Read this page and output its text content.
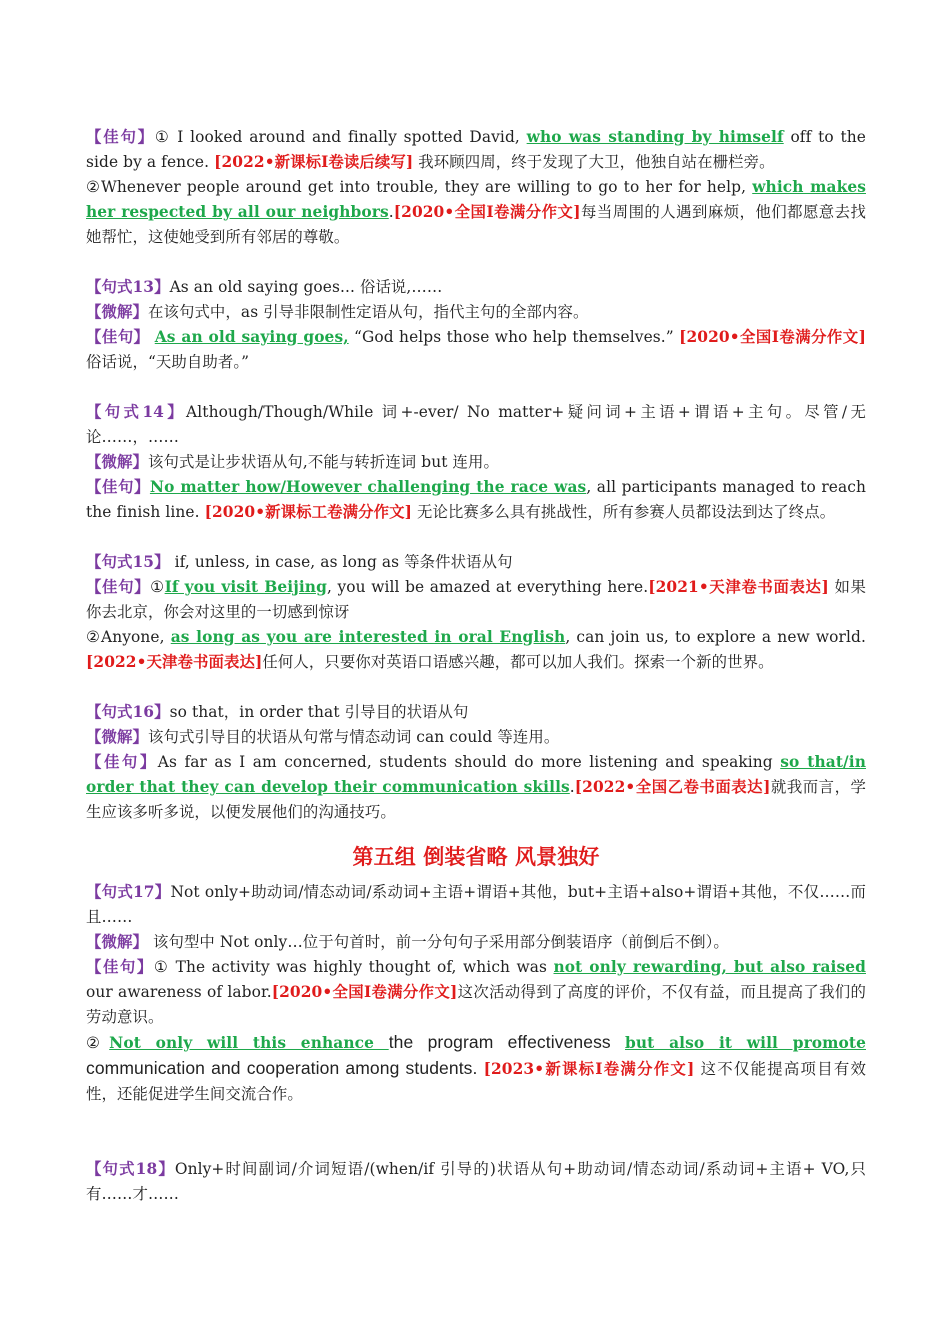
【佳句】① I looked around and finally spotted David, who was standing by himself off to the side by a fence. [2022•新课标I卷读后续写] 我环顾四周，终于发现了大卫，他独自站在栅栏旁。

②Whenever people around get into trouble, they are willing to go to her for help, which makes her respected by all our neighbors.[2020•全国I卷满分作文]每当周围的人遇到麻烦，他们都愿意去找她帮忙，这使她受到所有邻居的尊敬。

【句式13】As an old saying goes... 俗话说,……

【微解】在该句式中，as 引导非限制性定语从句，指代主句的全部内容。

【佳句】 As an old saying goes, “God helps those who help themselves.” [2020•全国I卷满分作文]俗话说，“天助自助者。”

【句式14】Although/Though/While 词+-ever/ No matter+疑问词+主语+谓语+主句。尽管/无论……，……

【微解】该句式是让步状语从句,不能与转折连词 but 连用。

【佳句】No matter how/However challenging the race was, all participants managed to reach the finish line. [2020•新课标工卷满分作文] 无论比赛多么具有挑战性，所有参赛人员都设法到达了终点。

【句式15】 if, unless, in case, as long as 等条件状语从句

【佳句】①If you visit Beijing, you will be amazed at everything here.[2021•天津卷书面表达] 如果你去北京，你会对这里的一切感到惊讶

②Anyone, as long as you are interested in oral English, can join us, to explore a new world. [2022•天津卷书面表达]任何人，只要你对英语口语感兴趣，都可以加人我们。探索一个新的世界。

【句式16】so that，in order that 引导目的状语从句

【微解】该句式引导目的状语从句常与情态动词 can could 等连用。

【佳句】As far as I am concerned, students should do more listening and speaking so that/in order that they can develop their communication skills.[2022•全国乙卷书面表达]就我而言，学生应该多听多说，以便发展他们的沟通技巧。

第五组 倒装省略 风景独好

【句式17】Not only+助动词/情态动词/系动词+主语+谓语+其他，but+主语+also+谓语+其他，不仅……而且……

【微解】 该句型中 Not only…位于句首时，前一分句句子采用部分倒装语序（前倒后不倒）。

【佳句】① The activity was highly thought of, which was not only rewarding, but also raised our awareness of labor.[2020•全国I卷满分作文]这次活动得到了高度的评价，不仅有益，而且提高了我们的劳动意识。

②Not only will this enhance the program effectiveness but also it will promote communication and cooperation among students. [2023•新课标I卷满分作文] 这不仅能提高项目有效性，还能促进学生间交流合作。

【句式18】Only+时间副词/介词短语/(when/if 引导的)状语从句+助动词/情态动词/系动词+主语+ VO,只有……才……
